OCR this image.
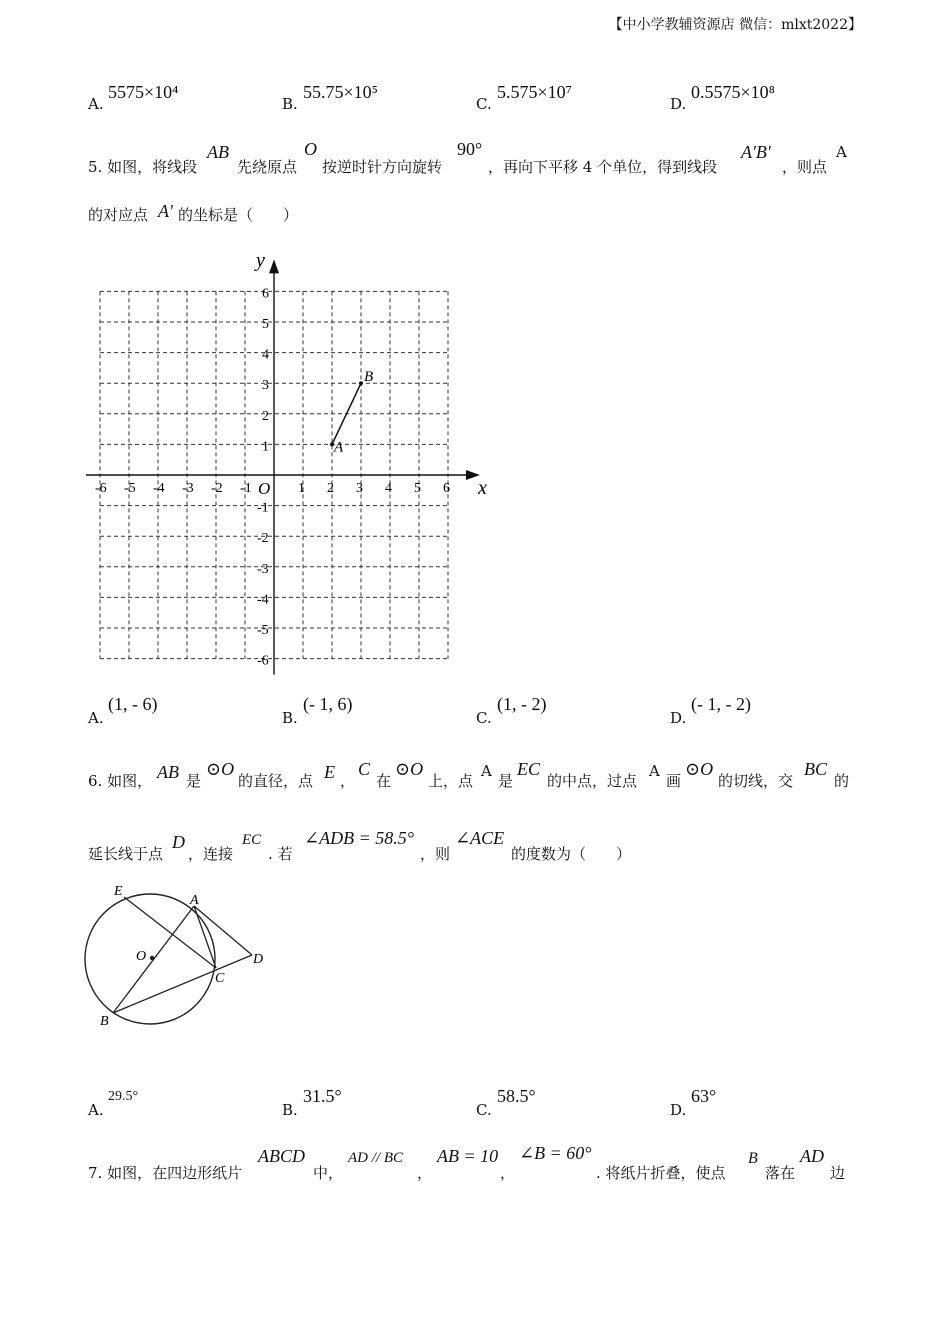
【中小学教辅资源店 微信：mlxt2022】
A.
5575×10⁴
B.
55.75×10⁵
C.
5.575×10⁷
D.
0.5575×10⁸
5. 如图，将线段
AB
先绕原点
O
按逆时针方向旋转
90°
，再向下平移 4 个单位，得到线段
A'B'
，则点
A
的对应点 A' 的坐标是（　　）
x
y
O
-6 -5 -4 -3 -2 -1	1 2 3 4 5 6
6
5
4
3
2
1
-1
-2
-3
-4
-5
-6
A
B
A.
(1, - 6)
B.
(- 1, 6)
C.
(1, - 2)
D.
(- 1, - 2)
6. 如图， AB 是
⊙O
的直径，点 E ，
C
在
⊙O
上，点
A
是
EC
的中点，过点
A
画
⊙O
的切线，交
BC
的
延长线于点
D
，连接
EC
. 若
∠ADB = 58.5°
，则
∠ACE
的度数为（　　）
E
A
O	D
C
B
A.
29.5°
B.
31.5°
C.
58.5°
D.
63°
7. 如图，在四边形纸片
ABCD
中，
AD // BC
，
AB = 10
，
∠B = 60°
. 将纸片折叠，使点
B
落在
AD
边
